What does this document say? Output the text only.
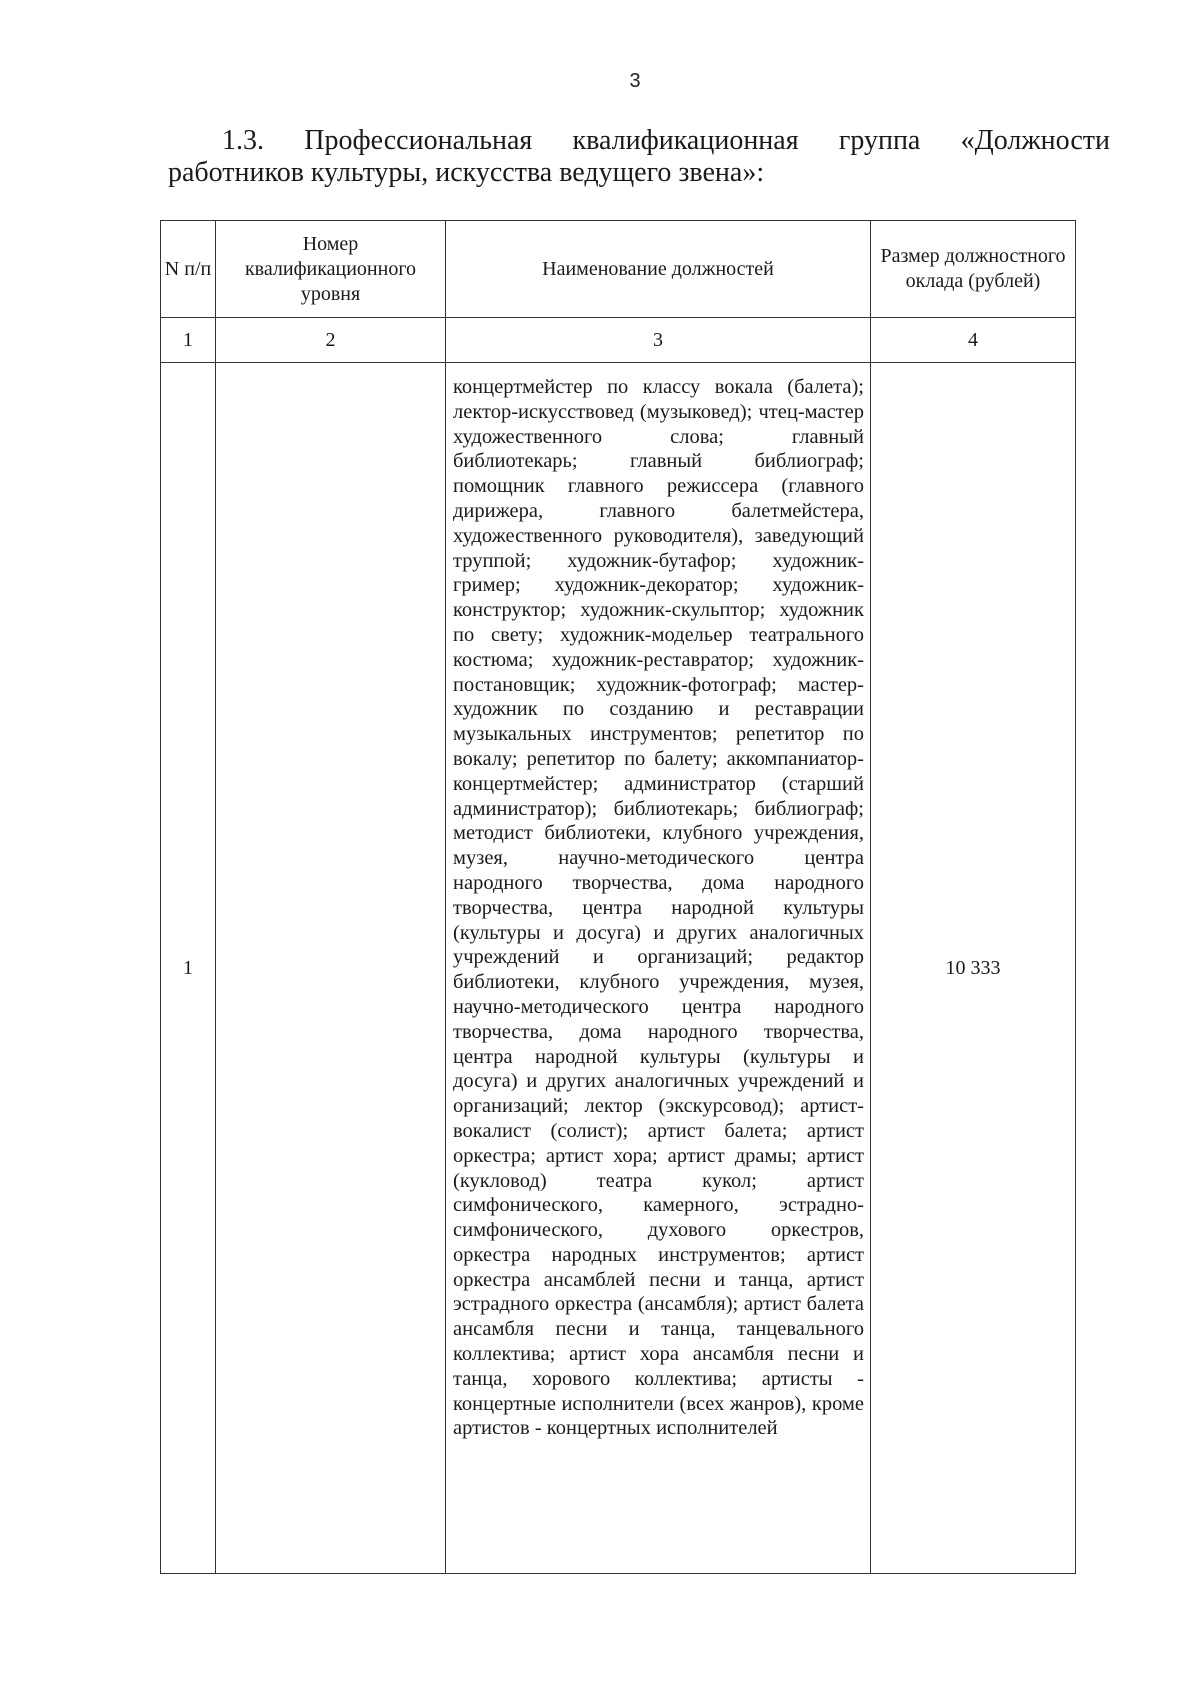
3
1.3. Профессиональная квалификационная группа «Должности
работников культуры, искусства ведущего звена»:
N п/п	Номер квалификационного уровня	Наименование должностей	Размер должностного оклада (рублей)
1	2	3	4
1		концертмейстер по классу вокала (балета); лектор-искусствовед (музыковед); чтец-мастер художественного слова; главный библиотекарь; главный библиограф; помощник главного режиссера (главного дирижера, главного балетмейстера, художественного руководителя), заведующий труппой; художник-бутафор; художник-гример; художник-декоратор; художник-конструктор; художник-скульптор; художник по свету; художник-модельер театрального костюма; художник-реставратор; художник-постановщик; художник-фотограф; мастер-художник по созданию и реставрации музыкальных инструментов; репетитор по вокалу; репетитор по балету; аккомпаниатор-концертмейстер; администратор (старший администратор); библиотекарь; библиограф; методист библиотеки, клубного учреждения, музея, научно-методического центра народного творчества, дома народного творчества, центра народной культуры (культуры и досуга) и других аналогичных учреждений и организаций; редактор библиотеки, клубного учреждения, музея, научно-методического центра народного творчества, дома народного творчества, центра народной культуры (культуры и досуга) и других аналогичных учреждений и организаций; лектор (экскурсовод); артист-вокалист (солист); артист балета; артист оркестра; артист хора; артист драмы; артист (кукловод) театра кукол; артист симфонического, камерного, эстрадно-симфонического, духового оркестров, оркестра народных инструментов; артист оркестра ансамблей песни и танца, артист эстрадного оркестра (ансамбля); артист балета ансамбля песни и танца, танцевального коллектива; артист хора ансамбля песни и танца, хорового коллектива; артисты - концертные исполнители (всех жанров), кроме артистов - концертных исполнителей	10 333
